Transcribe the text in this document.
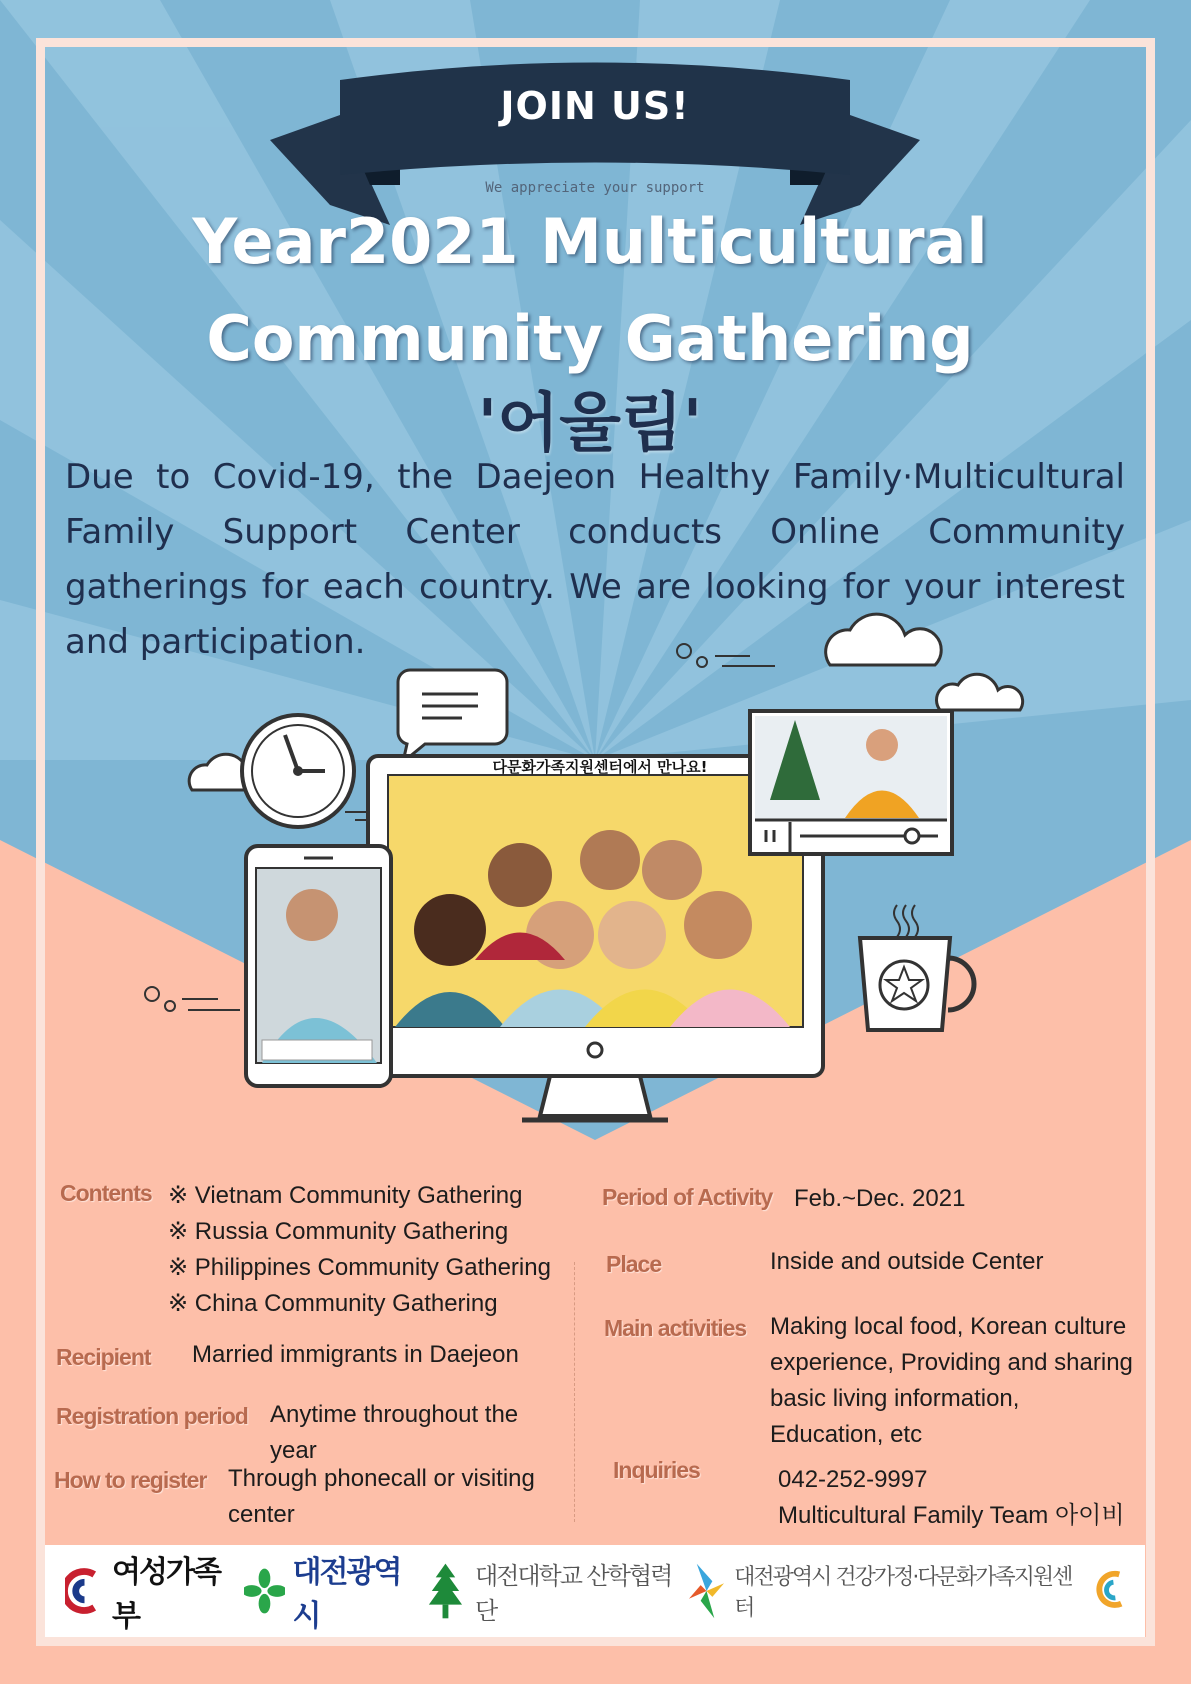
JOIN US!
We appreciate your support
Year2021 Multicultural
Community Gathering
'어울림'
Due to Covid-19, the Daejeon Healthy Family·Multicultural Family Support Center conducts Online Community gatherings for each country. We are looking for your interest and participation.
다문화가족지원센터에서 만나요!
Contents ※ Vietnam Community Gathering
※ Russia Community Gathering
※ Philippines Community Gathering
※ China Community Gathering
Recipient Married immigrants in Daejeon
Registration period Anytime throughout the
year
How to register Through phonecall or visiting
center
Period of Activity Feb.~Dec. 2021
Place	Inside and outside Center
Main activities Making local food, Korean culture
experience, Providing and sharing
basic living information,
Education, etc
Inquiries	042-252-9997
Multicultural Family Team 아이비
여성가족부
대전광역시
대전대학교 산학협력단
대전광역시 건강가정·다문화가족지원센터
